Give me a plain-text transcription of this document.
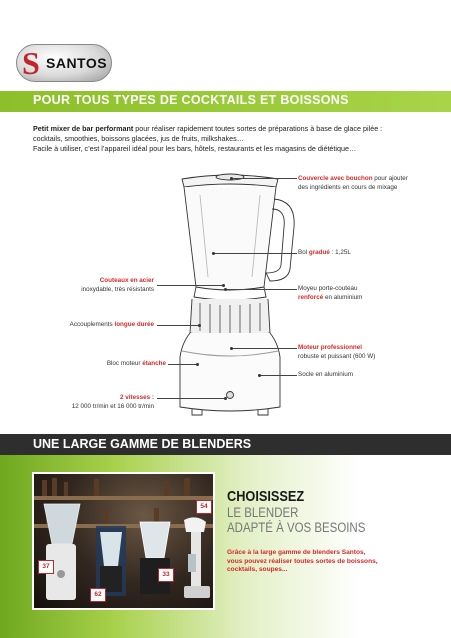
S SANTOS
POUR TOUS TYPES DE COCKTAILS ET BOISSONS
Petit mixer de bar performant pour réaliser rapidement toutes sortes de préparations à base de glace pilée :
cocktails, smoothies, boissons glacées, jus de fruits, milkshakes…
Facile à utiliser, c’est l’appareil idéal pour les bars, hôtels, restaurants et les magasins de diététique…
Couvercle avec bouchon pour ajouter
des ingrédients en cours de mixage
Bol gradué : 1,25L
Moyeu porte-couteau
renforcé en aluminium
Moteur professionnel
robuste et puissant (600 W)
Socle en aluminium
Couteaux en acier
inoxydable, très résistants
Accouplements longue durée
Bloc moteur étanche
2 vitesses :
12 000 tr/min et 16 000 tr/min
UNE LARGE GAMME DE BLENDERS
54
37
33
62
CHOISISSEZ
LE BLENDER
ADAPTÉ À VOS BESOINS
Grâce à la large gamme de blenders Santos,
vous pouvez réaliser toutes sortes de boissons,
cocktails, soupes...
